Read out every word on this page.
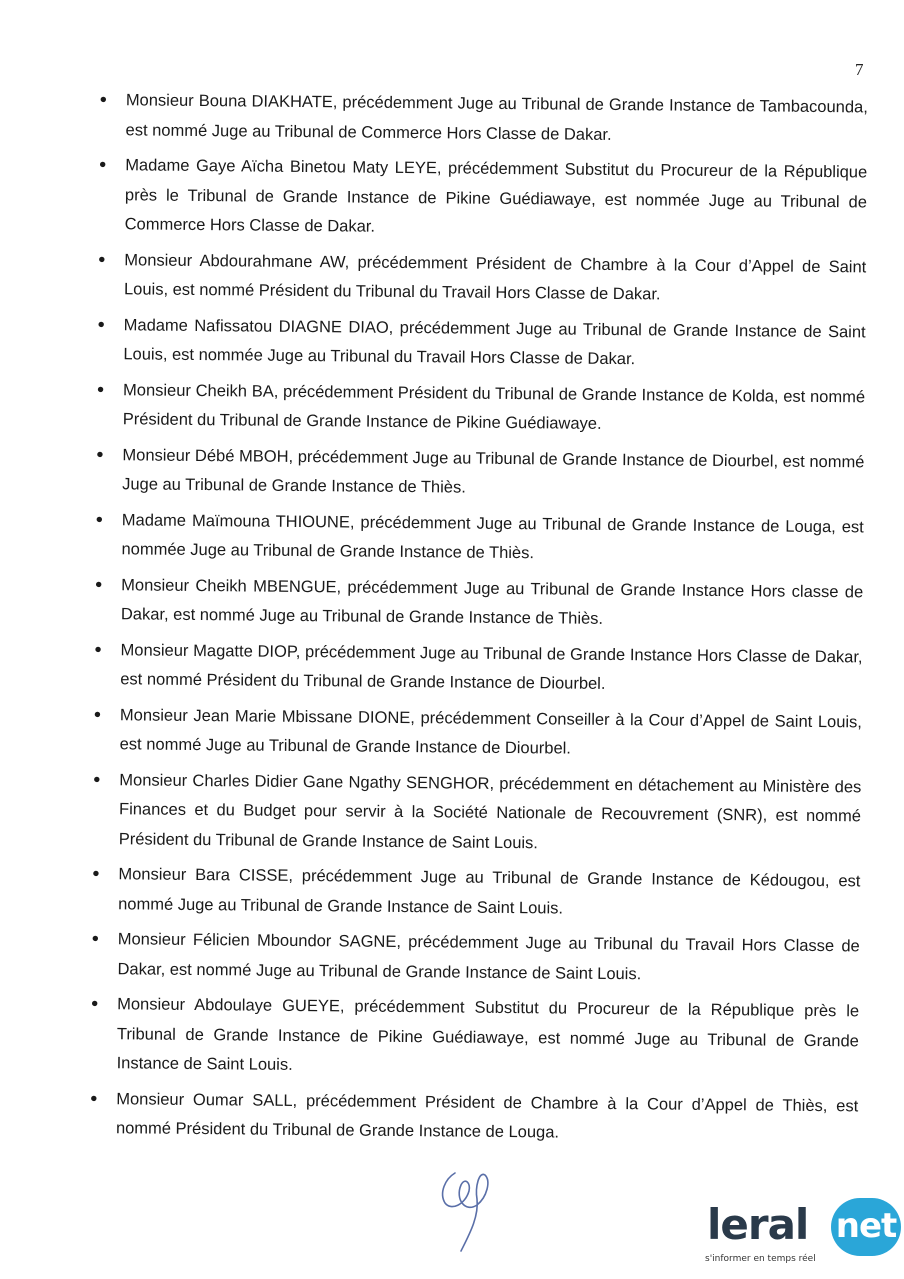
7
• Monsieur Bouna DIAKHATE, précédemment Juge au Tribunal de Grande Instance de Tambacounda, est nommé Juge au Tribunal de Commerce Hors Classe de Dakar.
• Madame Gaye Aïcha Binetou Maty LEYE, précédemment Substitut du Procureur de la République près le Tribunal de Grande Instance de Pikine Guédiawaye, est nommée Juge au Tribunal de Commerce Hors Classe de Dakar.
• Monsieur Abdourahmane AW, précédemment Président de Chambre à la Cour d’Appel de Saint Louis, est nommé Président du Tribunal du Travail Hors Classe de Dakar.
• Madame Nafissatou DIAGNE DIAO, précédemment Juge au Tribunal de Grande Instance de Saint Louis, est nommée Juge au Tribunal du Travail Hors Classe de Dakar.
• Monsieur Cheikh BA, précédemment Président du Tribunal de Grande Instance de Kolda, est nommé Président du Tribunal de Grande Instance de Pikine Guédiawaye.
• Monsieur Débé MBOH, précédemment Juge au Tribunal de Grande Instance de Diourbel, est nommé Juge au Tribunal de Grande Instance de Thiès.
• Madame Maïmouna THIOUNE, précédemment Juge au Tribunal de Grande Instance de Louga, est nommée Juge au Tribunal de Grande Instance de Thiès.
• Monsieur Cheikh MBENGUE, précédemment Juge au Tribunal de Grande Instance Hors classe de Dakar, est nommé Juge au Tribunal de Grande Instance de Thiès.
• Monsieur Magatte DIOP, précédemment Juge au Tribunal de Grande Instance Hors Classe de Dakar, est nommé Président du Tribunal de Grande Instance de Diourbel.
• Monsieur Jean Marie Mbissane DIONE, précédemment Conseiller à la Cour d’Appel de Saint Louis, est nommé Juge au Tribunal de Grande Instance de Diourbel.
• Monsieur Charles Didier Gane Ngathy SENGHOR, précédemment en détachement au Ministère des Finances et du Budget pour servir à la Société Nationale de Recouvrement (SNR), est nommé Président du Tribunal de Grande Instance de Saint Louis.
• Monsieur Bara CISSE, précédemment Juge au Tribunal de Grande Instance de Kédougou, est nommé Juge au Tribunal de Grande Instance de Saint Louis.
• Monsieur Félicien Mboundor SAGNE, précédemment Juge au Tribunal du Travail Hors Classe de Dakar, est nommé Juge au Tribunal de Grande Instance de Saint Louis.
• Monsieur Abdoulaye GUEYE, précédemment Substitut du Procureur de la République près le Tribunal de Grande Instance de Pikine Guédiawaye, est nommé Juge au Tribunal de Grande Instance de Saint Louis.
• Monsieur Oumar SALL, précédemment Président de Chambre à la Cour d’Appel de Thiès, est nommé Président du Tribunal de Grande Instance de Louga.
leral net
s'informer en temps réel
